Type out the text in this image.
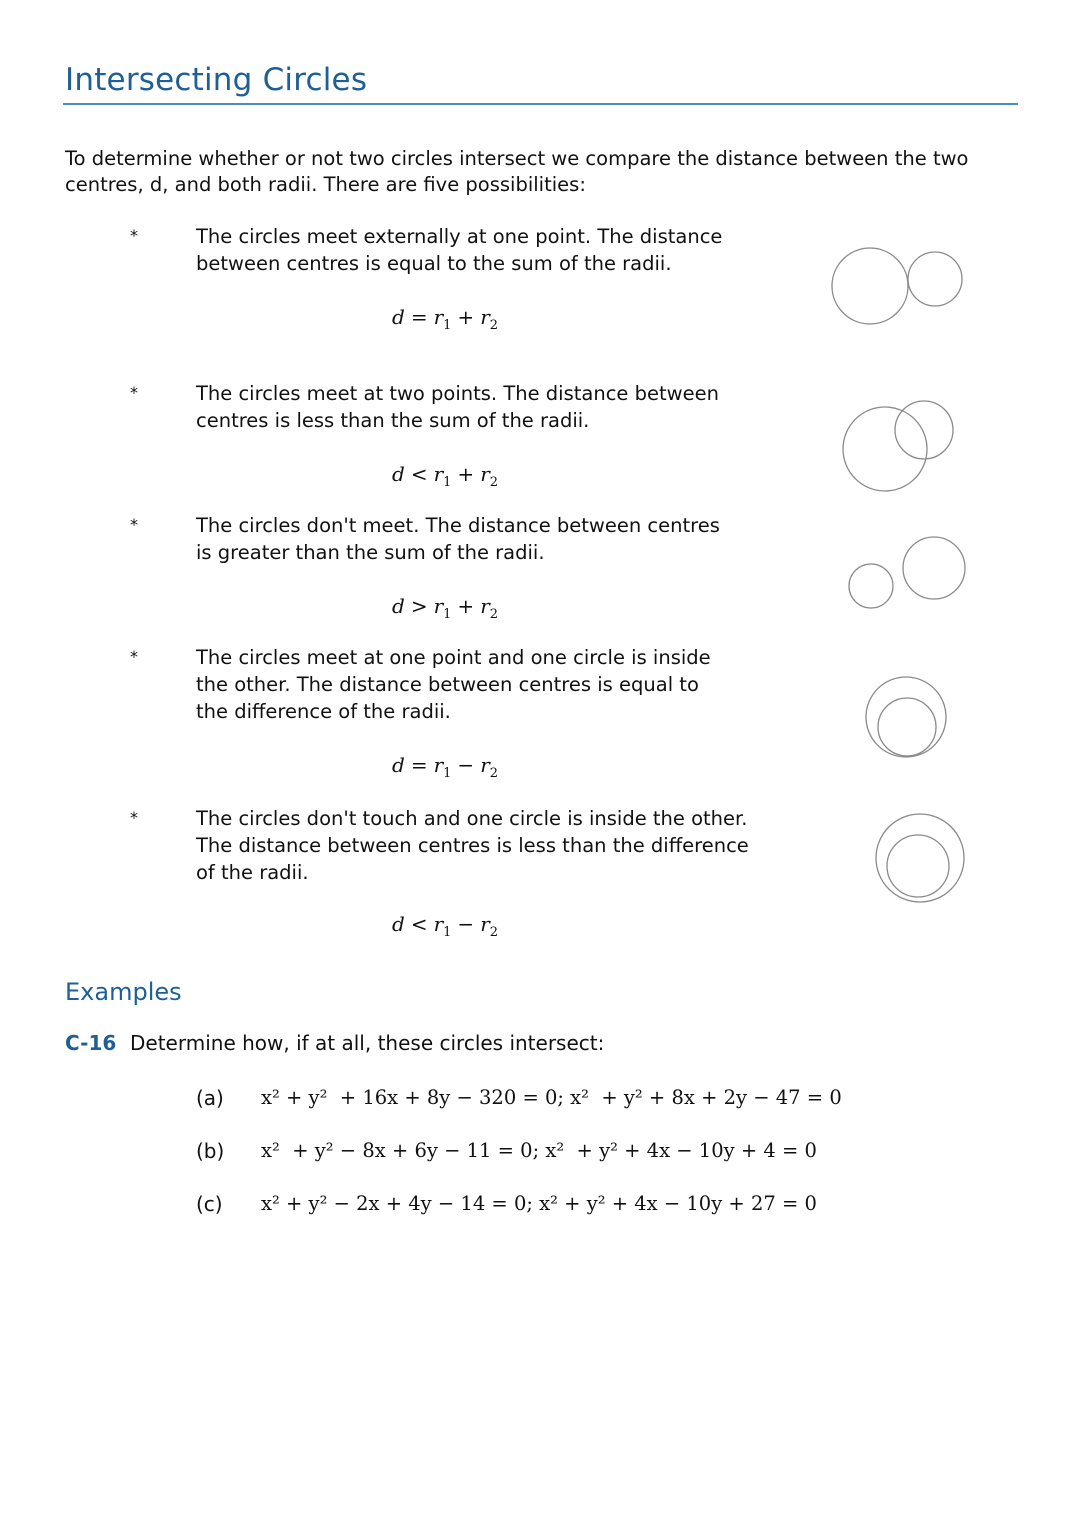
Intersecting Circles
To determine whether or not two circles intersect we compare the distance between the two centres, d, and both radii. There are five possibilities:
*	The circles meet externally at one point. The distance
between centres is equal to the sum of the radii.
$d = r_1 + r_2$
*	The circles meet at two points. The distance between
centres is less than the sum of the radii.
$d < r_1 + r_2$
*	The circles don't meet. The distance between centres
is greater than the sum of the radii.
$d > r_1 + r_2$
*	The circles meet at one point and one circle is inside
the other. The distance between centres is equal to
the difference of the radii.
$d = r_1 - r_2$
*	The circles don't touch and one circle is inside the other.
The distance between centres is less than the difference
of the radii.
$d < r_1 - r_2$
Examples
C-16 Determine how, if at all, these circles intersect:
(a) x² + y²  + 16x + 8y − 320 = 0; x²  + y² + 8x + 2y − 47 = 0
(b) x²  + y² − 8x + 6y − 11 = 0; x²  + y² + 4x − 10y + 4 = 0
(c) x² + y² − 2x + 4y − 14 = 0; x² + y² + 4x − 10y + 27 = 0
